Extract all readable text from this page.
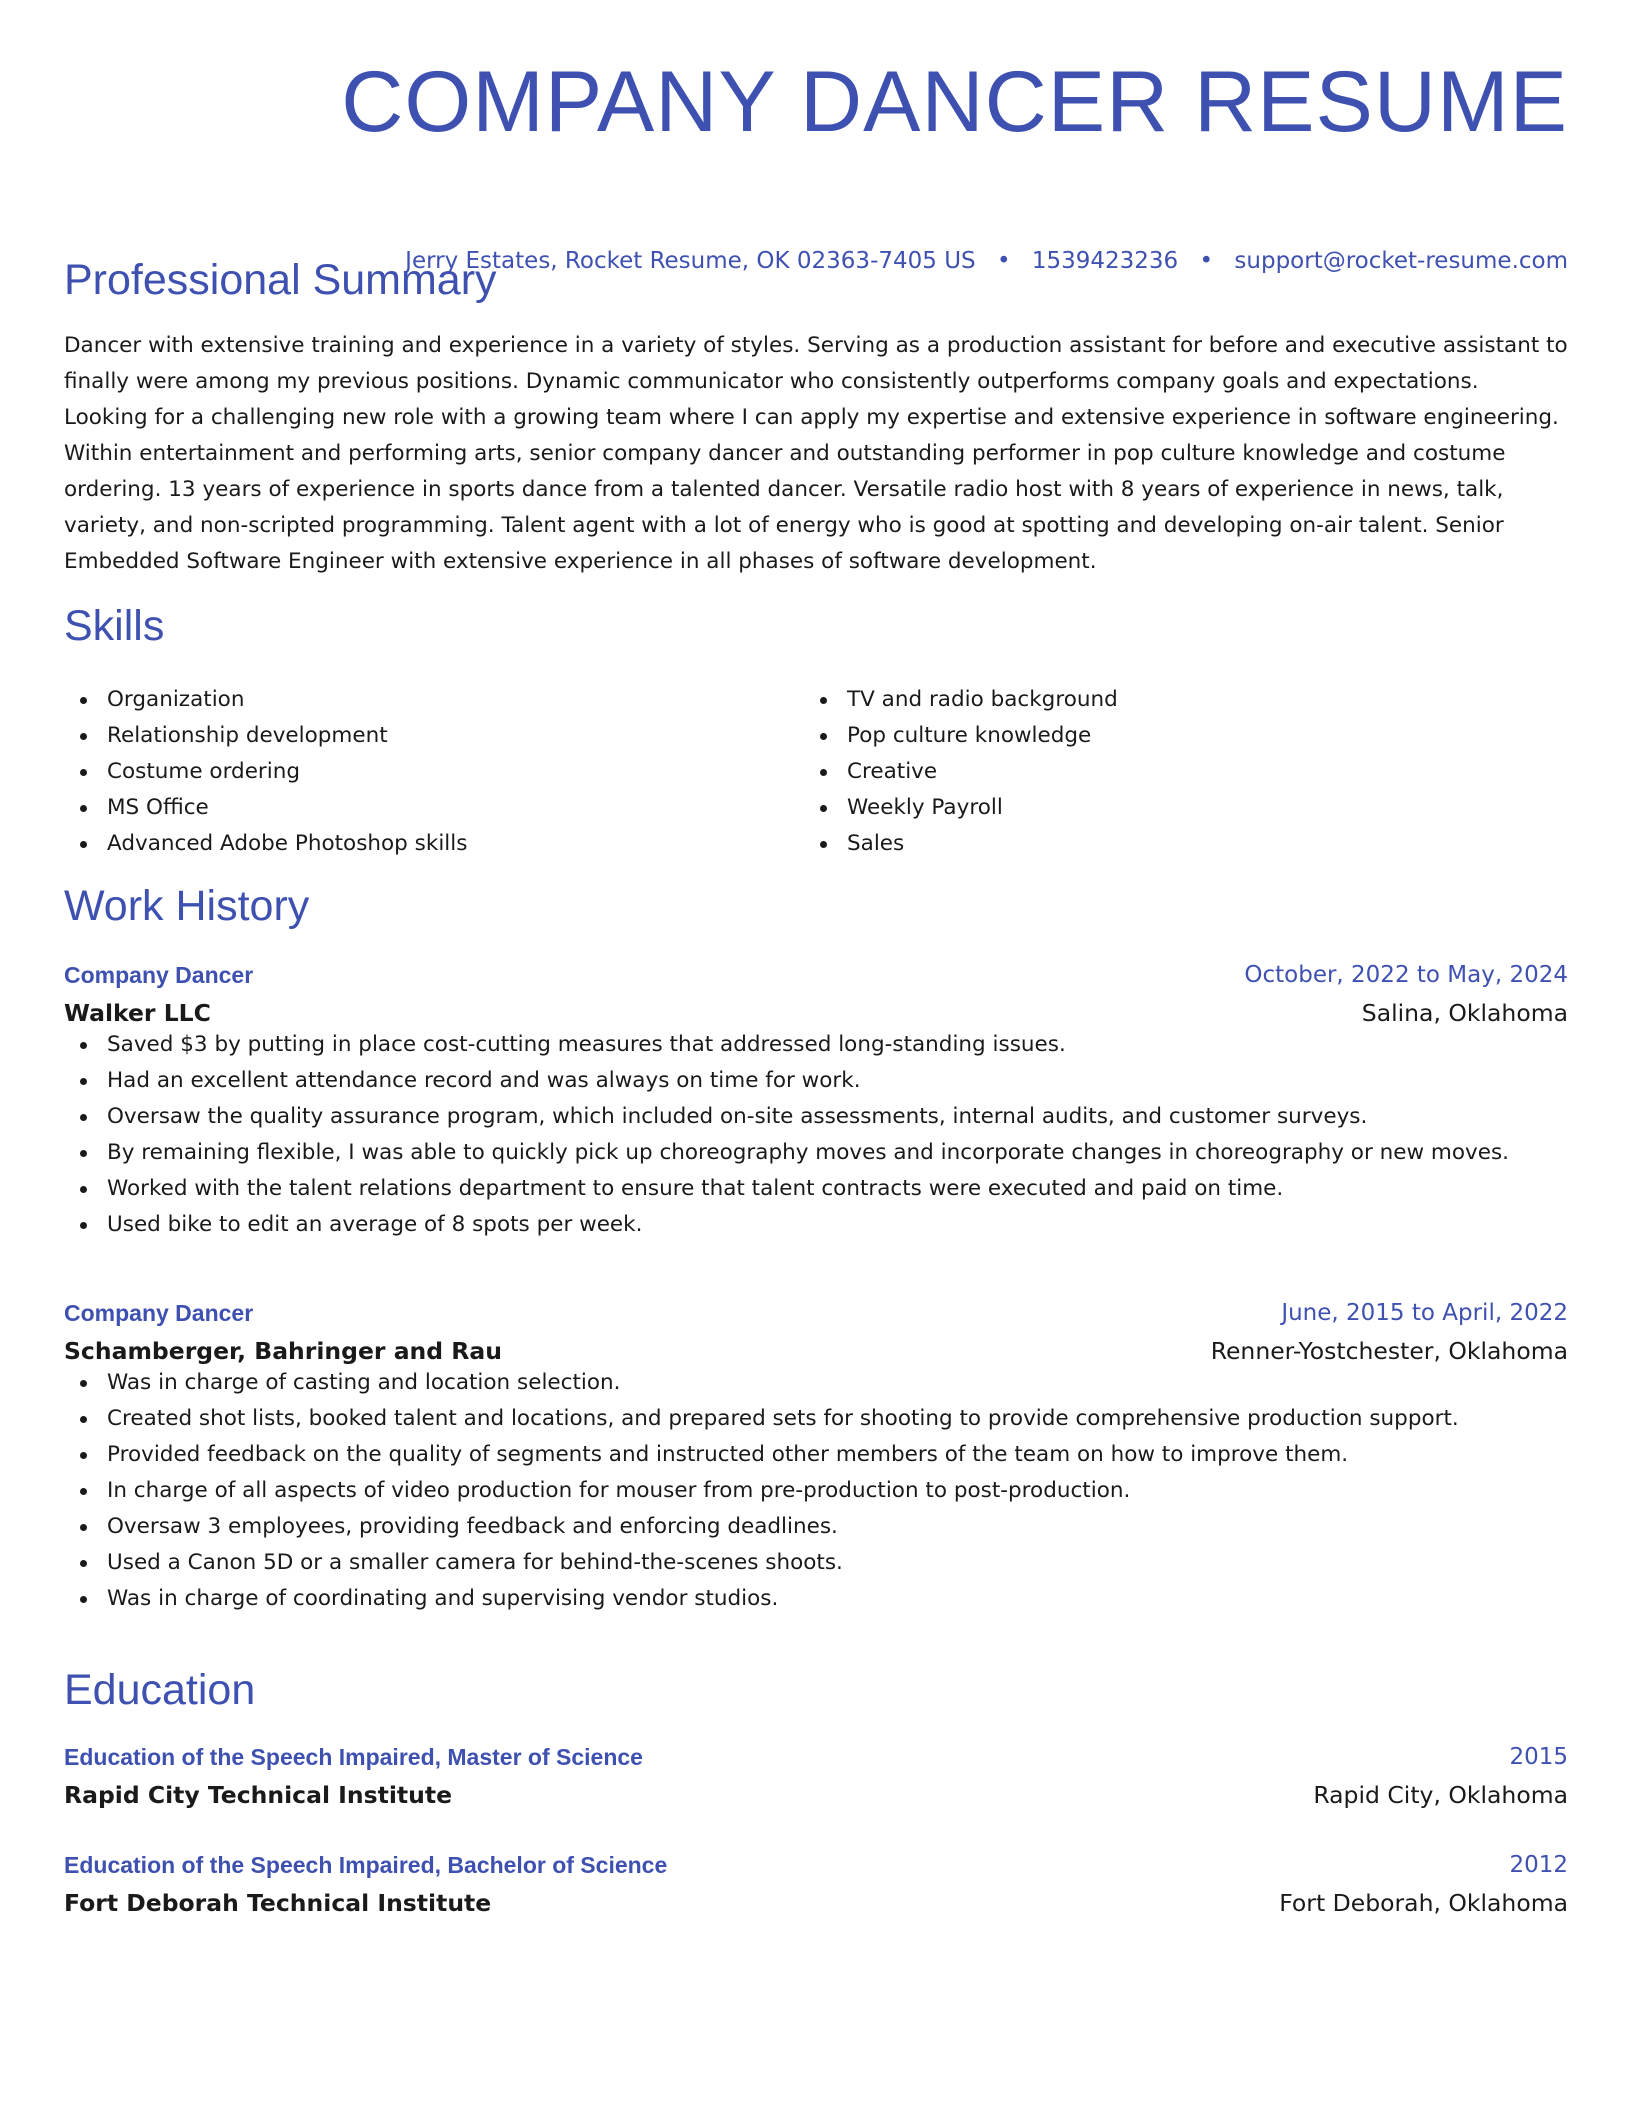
COMPANY DANCER RESUME
Jerry Estates, Rocket Resume, OK 02363-7405 US • 1539423236 • support@rocket-resume.com
Professional Summary

Dancer with extensive training and experience in a variety of styles. Serving as a production assistant for before and executive assistant to finally were among my previous positions. Dynamic communicator who consistently outperforms company goals and expectations. Looking for a challenging new role with a growing team where I can apply my expertise and extensive experience in software engineering. Within entertainment and performing arts, senior company dancer and outstanding performer in pop culture knowledge and costume ordering. 13 years of experience in sports dance from a talented dancer. Versatile radio host with 8 years of experience in news, talk, variety, and non-scripted programming. Talent agent with a lot of energy who is good at spotting and developing on-air talent. Senior Embedded Software Engineer with extensive experience in all phases of software development.

Skills
Organization
Relationship development
Costume ordering
MS Office
Advanced Adobe Photoshop skills
TV and radio background
Pop culture knowledge
Creative
Weekly Payroll
Sales
Work History
Company Dancer	October, 2022 to May, 2024
Walker LLC	Salina, Oklahoma
Saved $3 by putting in place cost-cutting measures that addressed long-standing issues.
Had an excellent attendance record and was always on time for work.
Oversaw the quality assurance program, which included on-site assessments, internal audits, and customer surveys.
By remaining flexible, I was able to quickly pick up choreography moves and incorporate changes in choreography or new moves.
Worked with the talent relations department to ensure that talent contracts were executed and paid on time.
Used bike to edit an average of 8 spots per week.
Company Dancer	June, 2015 to April, 2022
Schamberger, Bahringer and Rau	Renner-Yostchester, Oklahoma
Was in charge of casting and location selection.
Created shot lists, booked talent and locations, and prepared sets for shooting to provide comprehensive production support.
Provided feedback on the quality of segments and instructed other members of the team on how to improve them.
In charge of all aspects of video production for mouser from pre-production to post-production.
Oversaw 3 employees, providing feedback and enforcing deadlines.
Used a Canon 5D or a smaller camera for behind-the-scenes shoots.
Was in charge of coordinating and supervising vendor studios.
Education
Education of the Speech Impaired, Master of Science	2015
Rapid City Technical Institute	Rapid City, Oklahoma
Education of the Speech Impaired, Bachelor of Science	2012
Fort Deborah Technical Institute	Fort Deborah, Oklahoma
